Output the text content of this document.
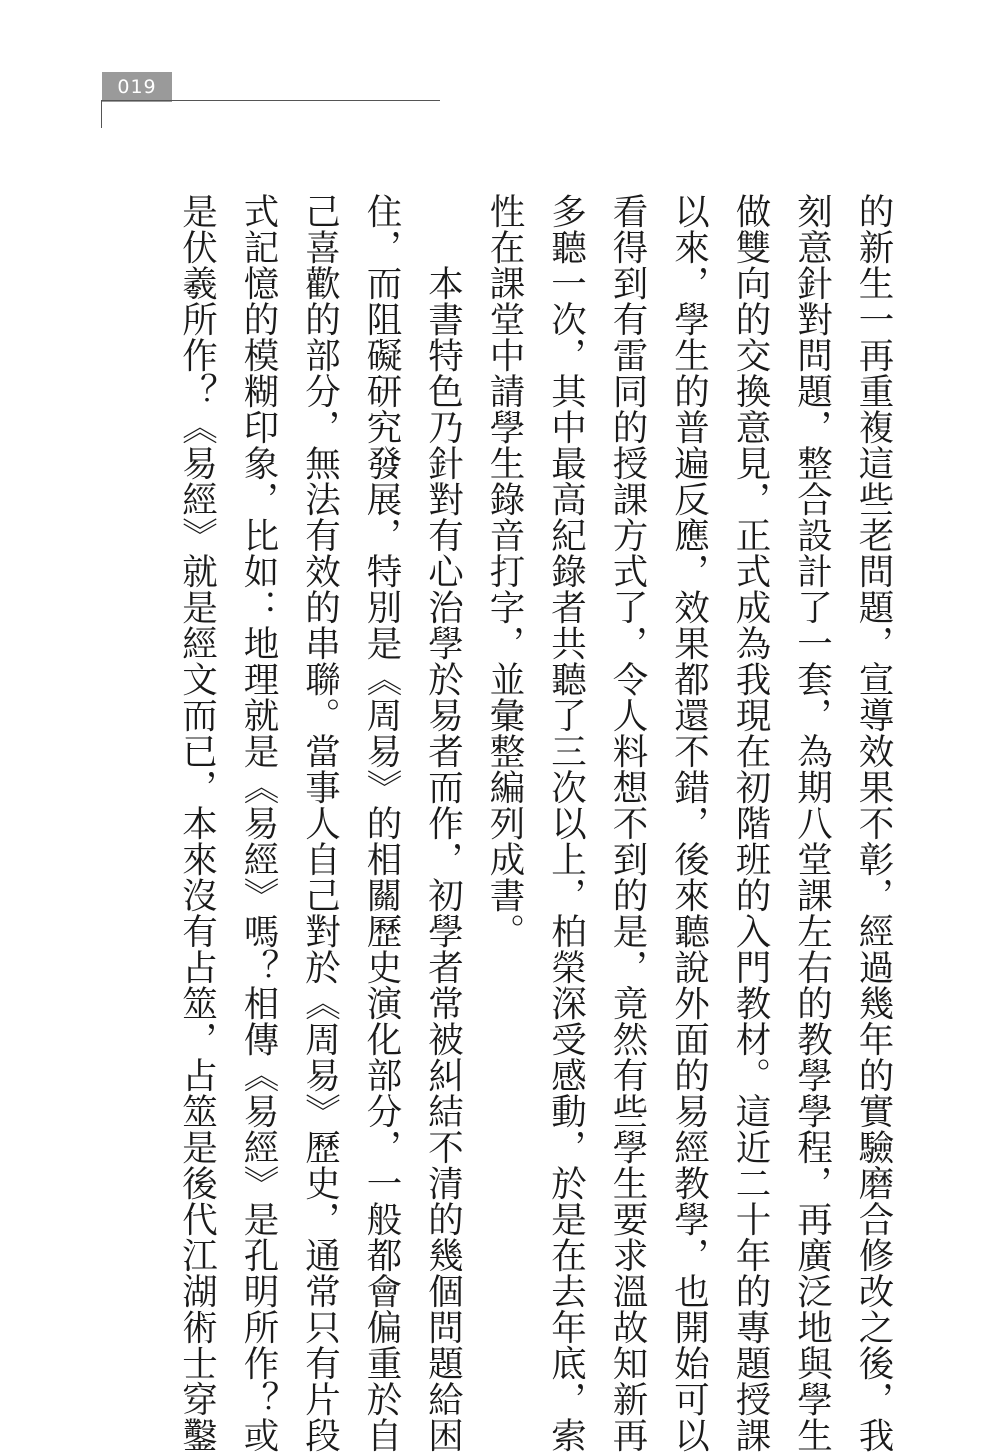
019

的新生一再重複這些老問題，宣導效果不彰，經過幾年的實驗磨合修改之後，我

刻意針對問題，整合設計了一套，為期八堂課左右的教學學程，再廣泛地與學生

做雙向的交換意見，正式成為我現在初階班的入門教材。這近二十年的專題授課

以來，學生的普遍反應，效果都還不錯，後來聽說外面的易經教學，也開始可以

看得到有雷同的授課方式了，令人料想不到的是，竟然有些學生要求溫故知新再

多聽一次，其中最高紀錄者共聽了三次以上，柏榮深受感動，於是在去年底，索

性在課堂中請學生錄音打字，並彙整編列成書。

本書特色乃針對有心治學於易者而作，初學者常被糾結不清的幾個問題給困

住，而阻礙研究發展，特別是《周易》的相關歷史演化部分，一般都會偏重於自

己喜歡的部分，無法有效的串聯。當事人自己對於《周易》歷史，通常只有片段

式記憶的模糊印象，比如：地理就是《易經》嗎？相傳《易經》是孔明所作？或

是伏羲所作？《易經》就是經文而已，本來沒有占筮，占筮是後代江湖術士穿鑿
